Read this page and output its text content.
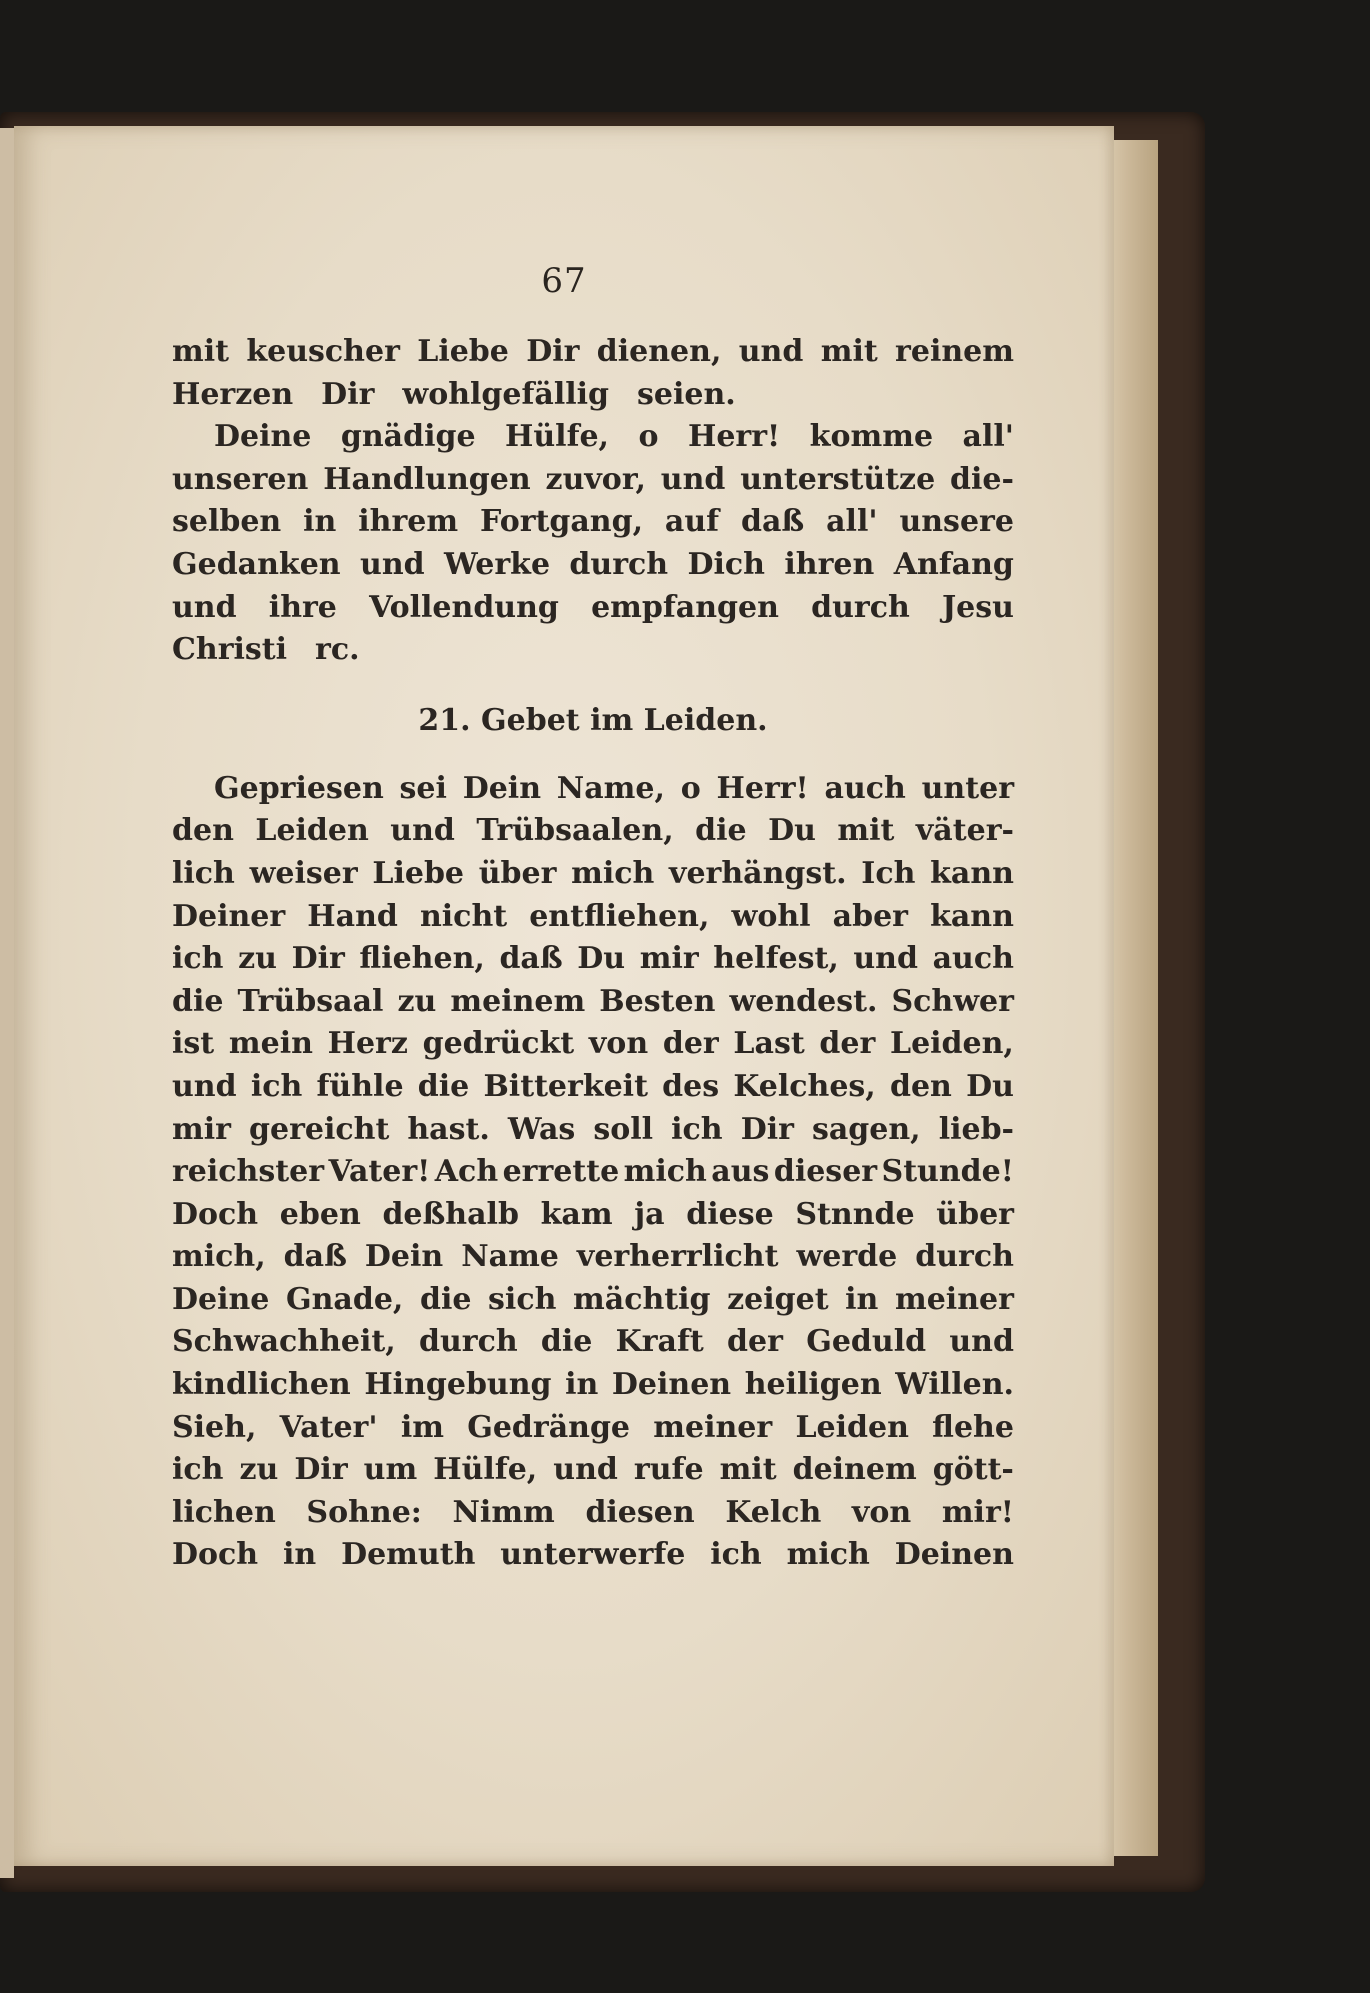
67
mit keuscher Liebe Dir dienen, und mit reinem
Herzen Dir wohlgefällig seien.
Deine gnädige Hülfe, o Herr! komme all'
unseren Handlungen zuvor, und unterstütze die-
selben in ihrem Fortgang, auf daß all' unsere
Gedanken und Werke durch Dich ihren Anfang
und ihre Vollendung empfangen durch Jesu
Christi rc.
21. Gebet im Leiden.
Gepriesen sei Dein Name, o Herr! auch unter
den Leiden und Trübsaalen, die Du mit väter-
lich weiser Liebe über mich verhängst. Ich kann
Deiner Hand nicht entfliehen, wohl aber kann
ich zu Dir fliehen, daß Du mir helfest, und auch
die Trübsaal zu meinem Besten wendest. Schwer
ist mein Herz gedrückt von der Last der Leiden,
und ich fühle die Bitterkeit des Kelches, den Du
mir gereicht hast. Was soll ich Dir sagen, lieb-
reichster Vater! Ach errette mich aus dieser Stunde!
Doch eben deßhalb kam ja diese Stnnde über
mich, daß Dein Name verherrlicht werde durch
Deine Gnade, die sich mächtig zeiget in meiner
Schwachheit, durch die Kraft der Geduld und
kindlichen Hingebung in Deinen heiligen Willen.
Sieh, Vater' im Gedränge meiner Leiden flehe
ich zu Dir um Hülfe, und rufe mit deinem gött-
lichen Sohne: Nimm diesen Kelch von mir!
Doch in Demuth unterwerfe ich mich Deinen
